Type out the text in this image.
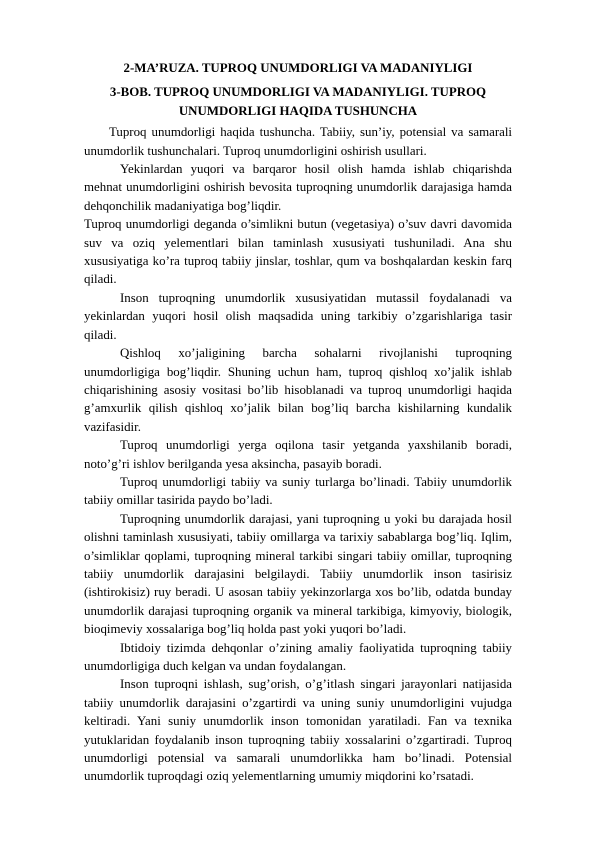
2-MA’RUZA. TUPROQ UNUMDORLIGI VA MADANIYLIGI
3-BOB. TUPROQ UNUMDORLIGI VA MADANIYLIGI. TUPROQ UNUMDORLIGI HAQIDA TUSHUNCHA

Tuproq unumdorligi haqida tushuncha. Tabiiy, sun’iy, potensial va samarali unumdorlik tushunchalari. Tuproq unumdorligini oshirish usullari.

Yekinlardan yuqori va barqaror hosil olish hamda ishlab chiqarishda mehnat unumdorligini oshirish bevosita tuproqning unumdorlik darajasiga hamda dehqonchilik madaniyatiga bog’liqdir.

Tuproq unumdorligi deganda o’simlikni butun (vegetasiya) o’suv davri davomida suv va oziq yelementlari bilan taminlash xususiyati tushuniladi. Ana shu xususiyatiga ko’ra tuproq tabiiy jinslar, toshlar, qum va boshqalardan keskin farq qiladi.

Inson tuproqning unumdorlik xususiyatidan mutassil foydalanadi va yekinlardan yuqori hosil olish maqsadida uning tarkibiy o’zgarishlariga tasir qiladi.

Qishloq xo’jaligining barcha sohalarni rivojlanishi tuproqning unumdorligiga bog’liqdir. Shuning uchun ham, tuproq qishloq xo’jalik ishlab chiqarishining asosiy vositasi bo’lib hisoblanadi va tuproq unumdorligi haqida g’amxurlik qilish qishloq xo’jalik bilan bog’liq barcha kishilarning kundalik vazifasidir.

Tuproq unumdorligi yerga oqilona tasir yetganda yaxshilanib boradi, noto’g’ri ishlov berilganda yesa aksincha, pasayib boradi.

Tuproq unumdorligi tabiiy va suniy turlarga bo’linadi. Tabiiy unumdorlik tabiiy omillar tasirida paydo bo’ladi.

Tuproqning unumdorlik darajasi, yani tuproqning u yoki bu darajada hosil olishni taminlash xususiyati, tabiiy omillarga va tarixiy sabablarga bog’liq. Iqlim, o’simliklar qoplami, tuproqning mineral tarkibi singari tabiiy omillar, tuproqning tabiiy unumdorlik darajasini belgilaydi. Tabiiy unumdorlik inson tasirisiz (ishtirokisiz) ruy beradi. U asosan tabiiy yekinzorlarga xos bo’lib, odatda bunday unumdorlik darajasi tuproqning organik va mineral tarkibiga, kimyoviy, biologik, bioqimeviy xossalariga bog’liq holda past yoki yuqori bo’ladi.

Ibtidoiy tizimda dehqonlar o’zining amaliy faoliyatida tuproqning tabiiy unumdorligiga duch kelgan va undan foydalangan.

Inson tuproqni ishlash, sug’orish, o’g’itlash singari jarayonlari natijasida tabiiy unumdorlik darajasini o’zgartirdi va uning suniy unumdorligini vujudga keltiradi. Yani suniy unumdorlik inson tomonidan yaratiladi. Fan va texnika yutuklaridan foydalanib inson tuproqning tabiiy xossalarini o’zgartiradi. Tuproq unumdorligi potensial va samarali unumdorlikka ham bo’linadi. Potensial unumdorlik tuproqdagi oziq yelementlarning umumiy miqdorini ko’rsatadi.
